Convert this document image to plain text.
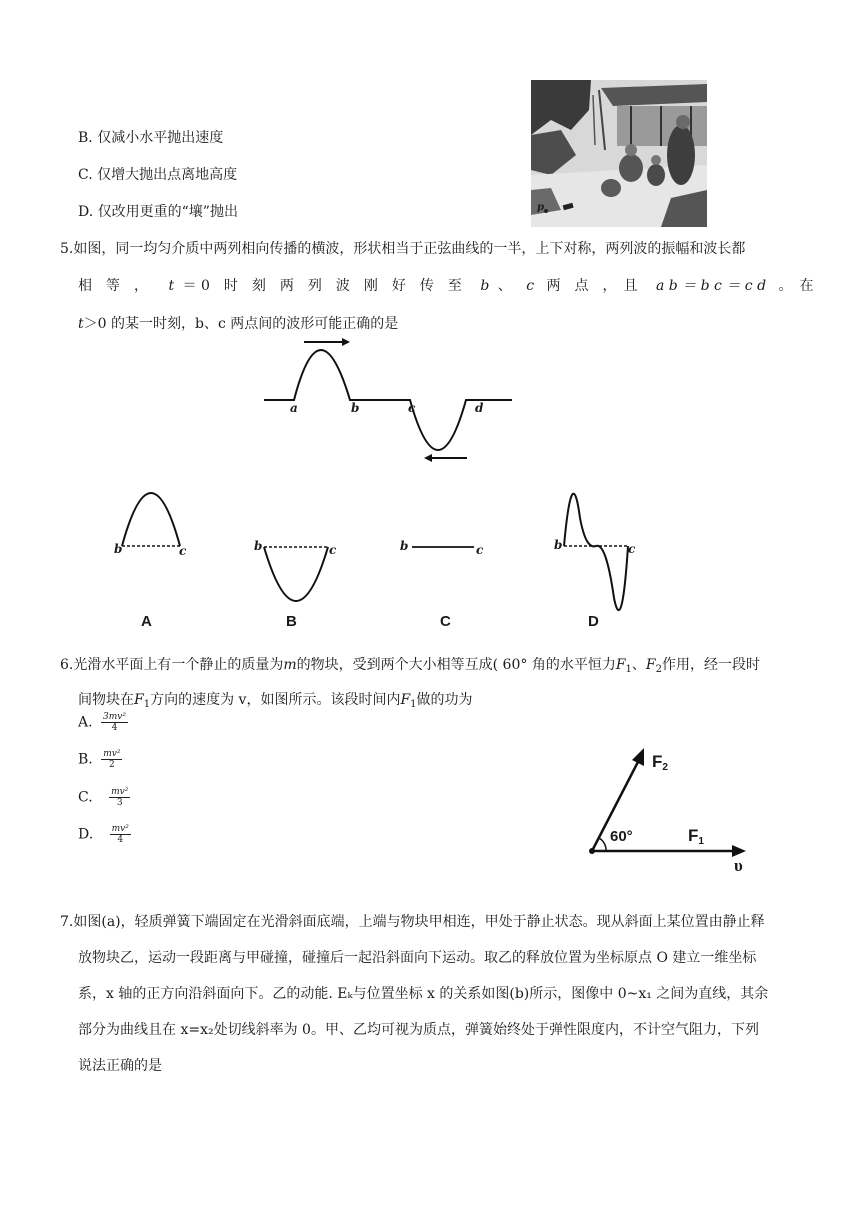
B. 仅减小水平抛出速度
C. 仅增大抛出点离地高度
D. 仅改用更重的“壤”抛出	p
5.如图，同一均匀介质中两列相向传播的横波，形状相当于正弦曲线的一半，上下对称，两列波的振幅和波长都
相　等　， t ＝ 0　时　刻　两　列　波　刚　好　传　至 b 、 c 两　点　，　且 a b ＝ b c ＝ c d 。　在
t＞0 的某一时刻，b、c 两点间的波形可能正确的是
a	b	c	d
b	c
A
b	c
B
b	c
C
b	c
D
6.光滑水平面上有一个静止的质量为m的物块，受到两个大小相等互成( 60° 角的水平恒力$F_1$、$F_2$作用，经一段时
间物块在$F_1$方向的速度为 v，如图所示。该段时间内$F_1$做的功为
A. $\frac{\text{3mv²}}{4}$
B. $\frac{\text{mv²}}{2}$
C. $\frac{\text{mv²}}{3}$
D. $\frac{\text{mv²}}{4}$
$F_2$
60°	$F_1$
υ
7.如图(a)，轻质弹簧下端固定在光滑斜面底端，上端与物块甲相连，甲处于静止状态。现从斜面上某位置由静止释
放物块乙，运动一段距离与甲碰撞，碰撞后一起沿斜面向下运动。取乙的释放位置为坐标原点 O 建立一维坐标
系，x 轴的正方向沿斜面向下。乙的动能. Eₖ与位置坐标 x 的关系如图(b)所示，图像中 0~x₁ 之间为直线，其余
部分为曲线且在 x=x₂处切线斜率为 0。甲、乙均可视为质点，弹簧始终处于弹性限度内，不计空气阻力，下列
说法正确的是
